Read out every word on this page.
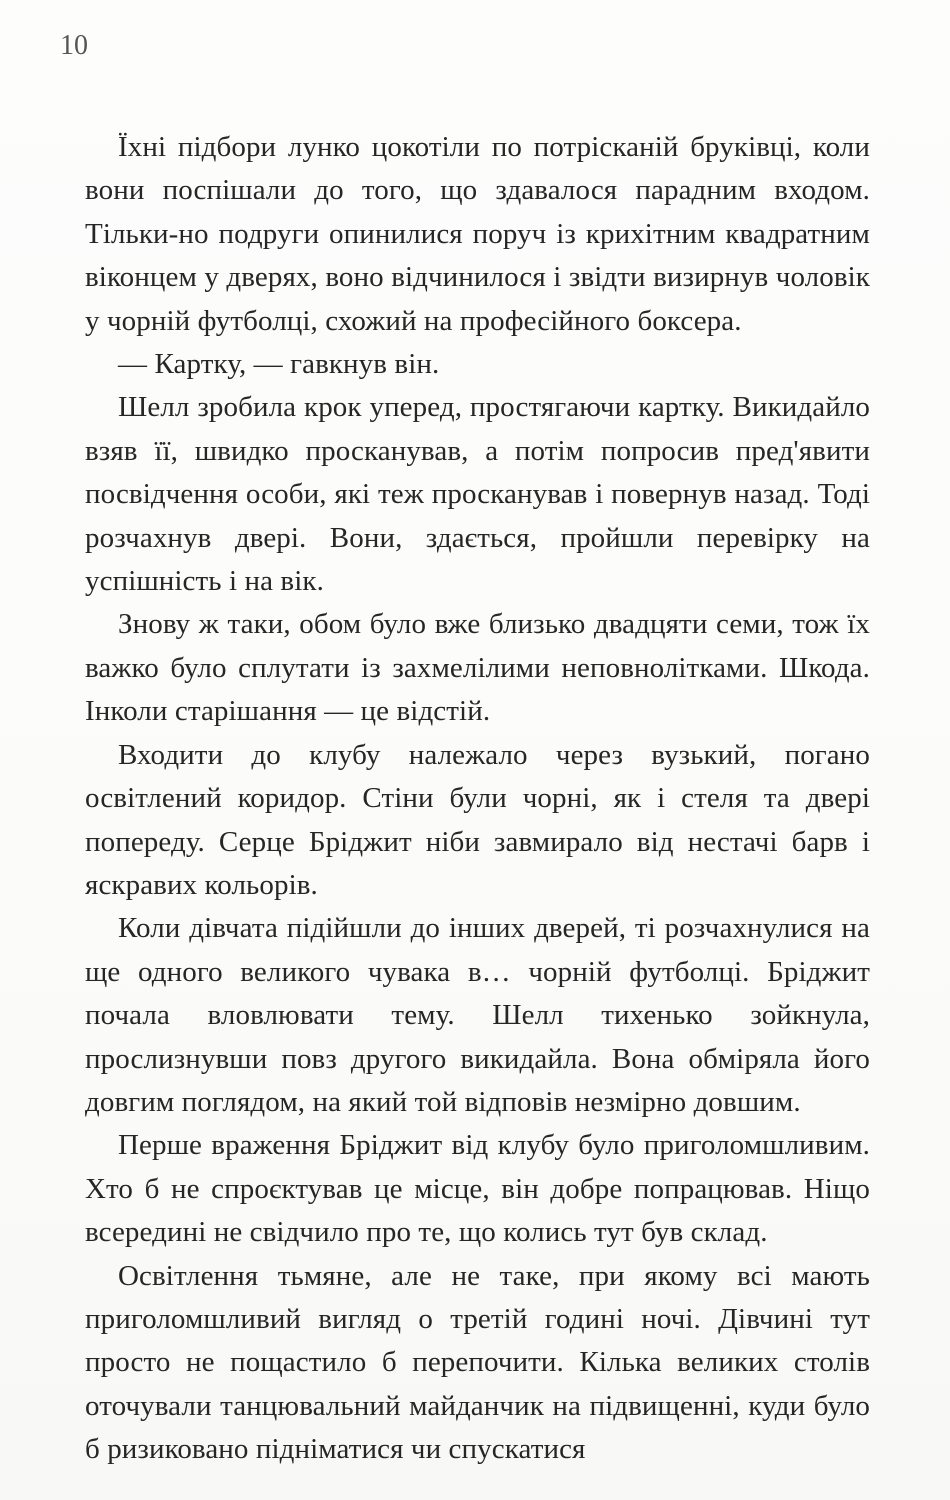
10

Їхні підбори лунко цокотіли по потрісканій бруківці, коли вони поспішали до того, що здавалося парадним входом. Тільки-но подруги опинилися поруч із крихітним квадратним віконцем у дверях, воно відчинилося і звідти визирнув чоловік у чорній футболці, схожий на професійного боксера.

— Картку, — гавкнув він.

Шелл зробила крок уперед, простягаючи картку. Викидайло взяв її, швидко просканував, а потім попросив пред'явити посвідчення особи, які теж просканував і повернув назад. Тоді розчахнув двері. Вони, здається, пройшли перевірку на успішність і на вік.

Знову ж таки, обом було вже близько двадцяти семи, тож їх важко було сплутати із захмелілими неповнолітками. Шкода. Інколи старішання — це відстій.

Входити до клубу належало через вузький, погано освітлений коридор. Стіни були чорні, як і стеля та двері попереду. Серце Бріджит ніби завмирало від нестачі барв і яскравих кольорів.

Коли дівчата підійшли до інших дверей, ті розчахнулися на ще одного великого чувака в… чорній футболці. Бріджит почала вловлювати тему. Шелл тихенько зойкнула, прослизнувши повз другого викидайла. Вона обміряла його довгим поглядом, на який той відповів незмірно довшим.

Перше враження Бріджит від клубу було приголомшливим. Хто б не спроєктував це місце, він добре попрацював. Ніщо всередині не свідчило про те, що колись тут був склад.

Освітлення тьмяне, але не таке, при якому всі мають приголомшливий вигляд о третій годині ночі. Дівчині тут просто не пощастило б перепочити. Кілька великих столів оточували танцювальний майданчик на підвищенні, куди було б ризиковано підніматися чи спускатися
